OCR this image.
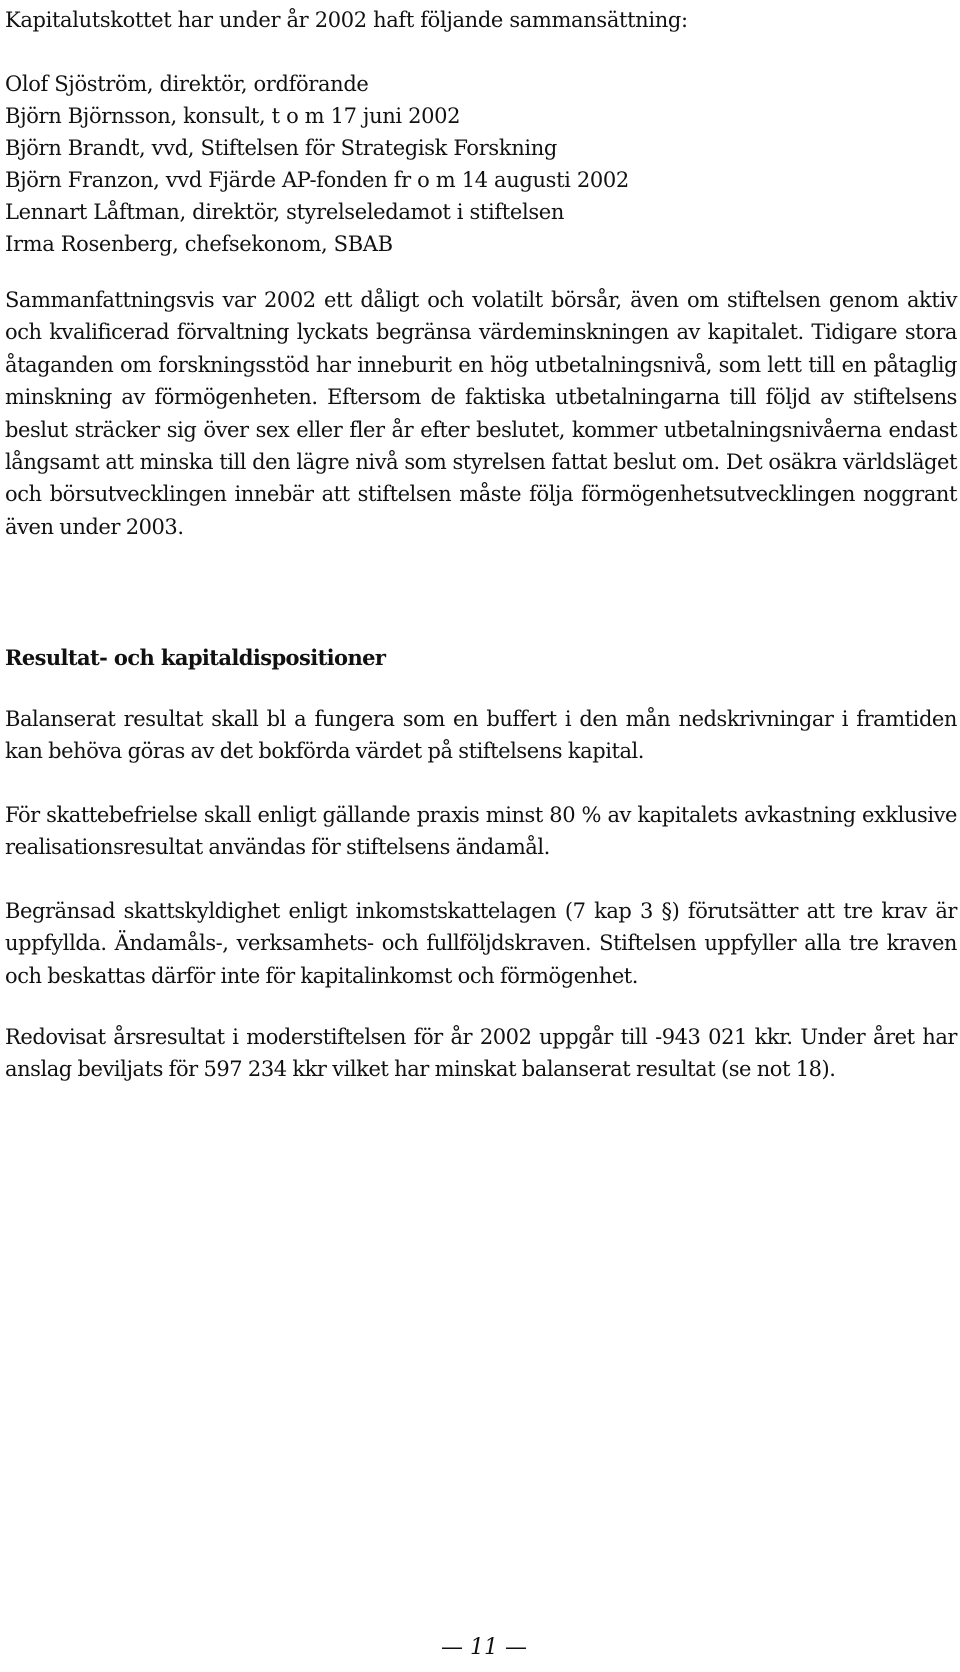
Kapitalutskottet har under år 2002 haft följande sammansättning:

Olof Sjöström, direktör, ordförande

Björn Björnsson, konsult, t o m 17 juni 2002

Björn Brandt, vvd, Stiftelsen för Strategisk Forskning

Björn Franzon, vvd Fjärde AP-fonden fr o m 14 augusti 2002

Lennart Låftman, direktör, styrelseledamot i stiftelsen

Irma Rosenberg, chefsekonom, SBAB

Sammanfattningsvis var 2002 ett dåligt och volatilt börsår, även om stiftelsen genom aktiv och kvalificerad förvaltning lyckats begränsa värdeminskningen av kapitalet. Tidigare stora åtaganden om forskningsstöd har inneburit en hög utbetalningsnivå, som lett till en påtaglig minskning av förmögenheten. Eftersom de faktiska utbetalningarna till följd av stiftelsens beslut sträcker sig över sex eller fler år efter beslutet, kommer utbetalningsnivåerna endast långsamt att minska till den lägre nivå som styrelsen fattat beslut om. Det osäkra världsläget och börsutvecklingen innebär att stiftelsen måste följa förmögenhetsutvecklingen noggrant även under 2003.

Resultat- och kapitaldispositioner

Balanserat resultat skall bl a fungera som en buffert i den mån nedskrivningar i framtiden kan behöva göras av det bokförda värdet på stiftelsens kapital.

För skattebefrielse skall enligt gällande praxis minst 80 % av kapitalets avkastning exklusive realisationsresultat användas för stiftelsens ändamål.

Begränsad skattskyldighet enligt inkomstskattelagen (7 kap 3 §) förutsätter att tre krav är uppfyllda. Ändamåls-, verksamhets- och fullföljdskraven. Stiftelsen uppfyller alla tre kraven och beskattas därför inte för kapitalinkomst och förmögenhet.

Redovisat årsresultat i moderstiftelsen för år 2002 uppgår till -943 021 kkr. Under året har anslag beviljats för 597 234 kkr vilket har minskat balanserat resultat (se not 18).

— 11 —
